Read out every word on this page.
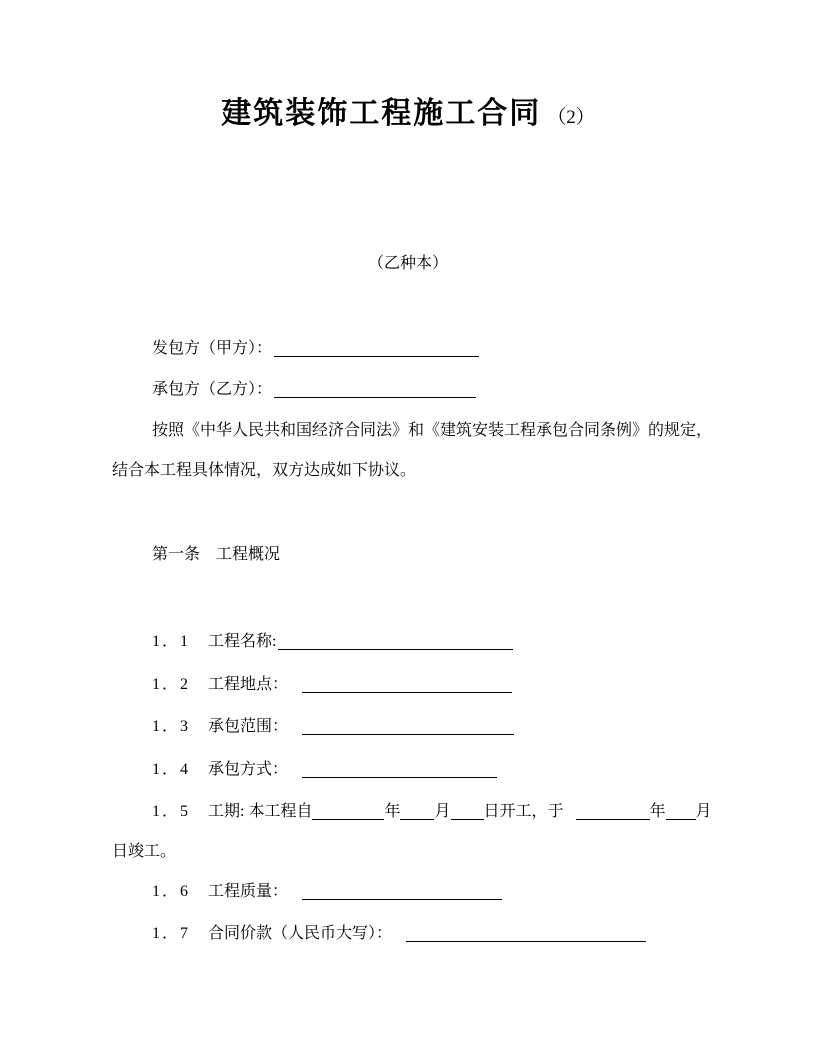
建筑装饰工程施工合同 （2）
（乙种本）
发包方（甲方）：
承包方（乙方）：
按照《中华人民共和国经济合同法》和《建筑安装工程承包合同条例》的规定，
结合本工程具体情况，双方达成如下协议。
第一条　工程概况
1．1 工程名称:
1．2 工程地点：
1．3 承包范围：
1．4 承包方式：
1．5 工期: 本工程自	年 月 日开工，于	年 月
日竣工。
1．6 工程质量：
1．7 合同价款（人民币大写）：
